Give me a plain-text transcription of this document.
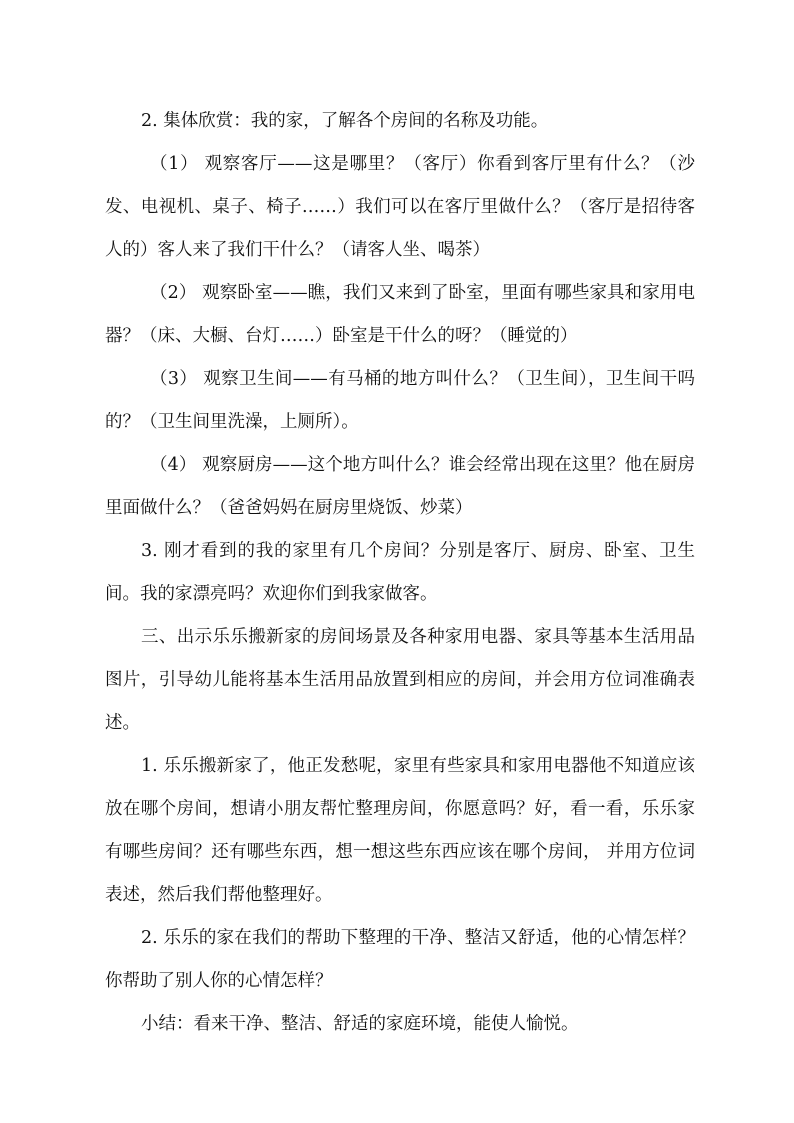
2. 集体欣赏：我的家，了解各个房间的名称及功能。

（1） 观察客厅——这是哪里？（客厅）你看到客厅里有什么？（沙发、电视机、桌子、椅子……）我们可以在客厅里做什么？（客厅是招待客人的）客人来了我们干什么？（请客人坐、喝茶）

（2） 观察卧室——瞧，我们又来到了卧室，里面有哪些家具和家用电器？（床、大橱、台灯……）卧室是干什么的呀？（睡觉的）

（3） 观察卫生间——有马桶的地方叫什么？（卫生间），卫生间干吗的？（卫生间里洗澡，上厕所）。

（4） 观察厨房——这个地方叫什么？谁会经常出现在这里？他在厨房里面做什么？（爸爸妈妈在厨房里烧饭、炒菜）

3. 刚才看到的我的家里有几个房间？分别是客厅、厨房、卧室、卫生间。我的家漂亮吗？欢迎你们到我家做客。

三、出示乐乐搬新家的房间场景及各种家用电器、家具等基本生活用品图片，引导幼儿能将基本生活用品放置到相应的房间，并会用方位词准确表述。

1. 乐乐搬新家了，他正发愁呢，家里有些家具和家用电器他不知道应该放在哪个房间，想请小朋友帮忙整理房间，你愿意吗？好，看一看，乐乐家有哪些房间？还有哪些东西，想一想这些东西应该在哪个房间， 并用方位词表述，然后我们帮他整理好。

2. 乐乐的家在我们的帮助下整理的干净、整洁又舒适，他的心情怎样？你帮助了别人你的心情怎样？

小结：看来干净、整洁、舒适的家庭环境，能使人愉悦。
